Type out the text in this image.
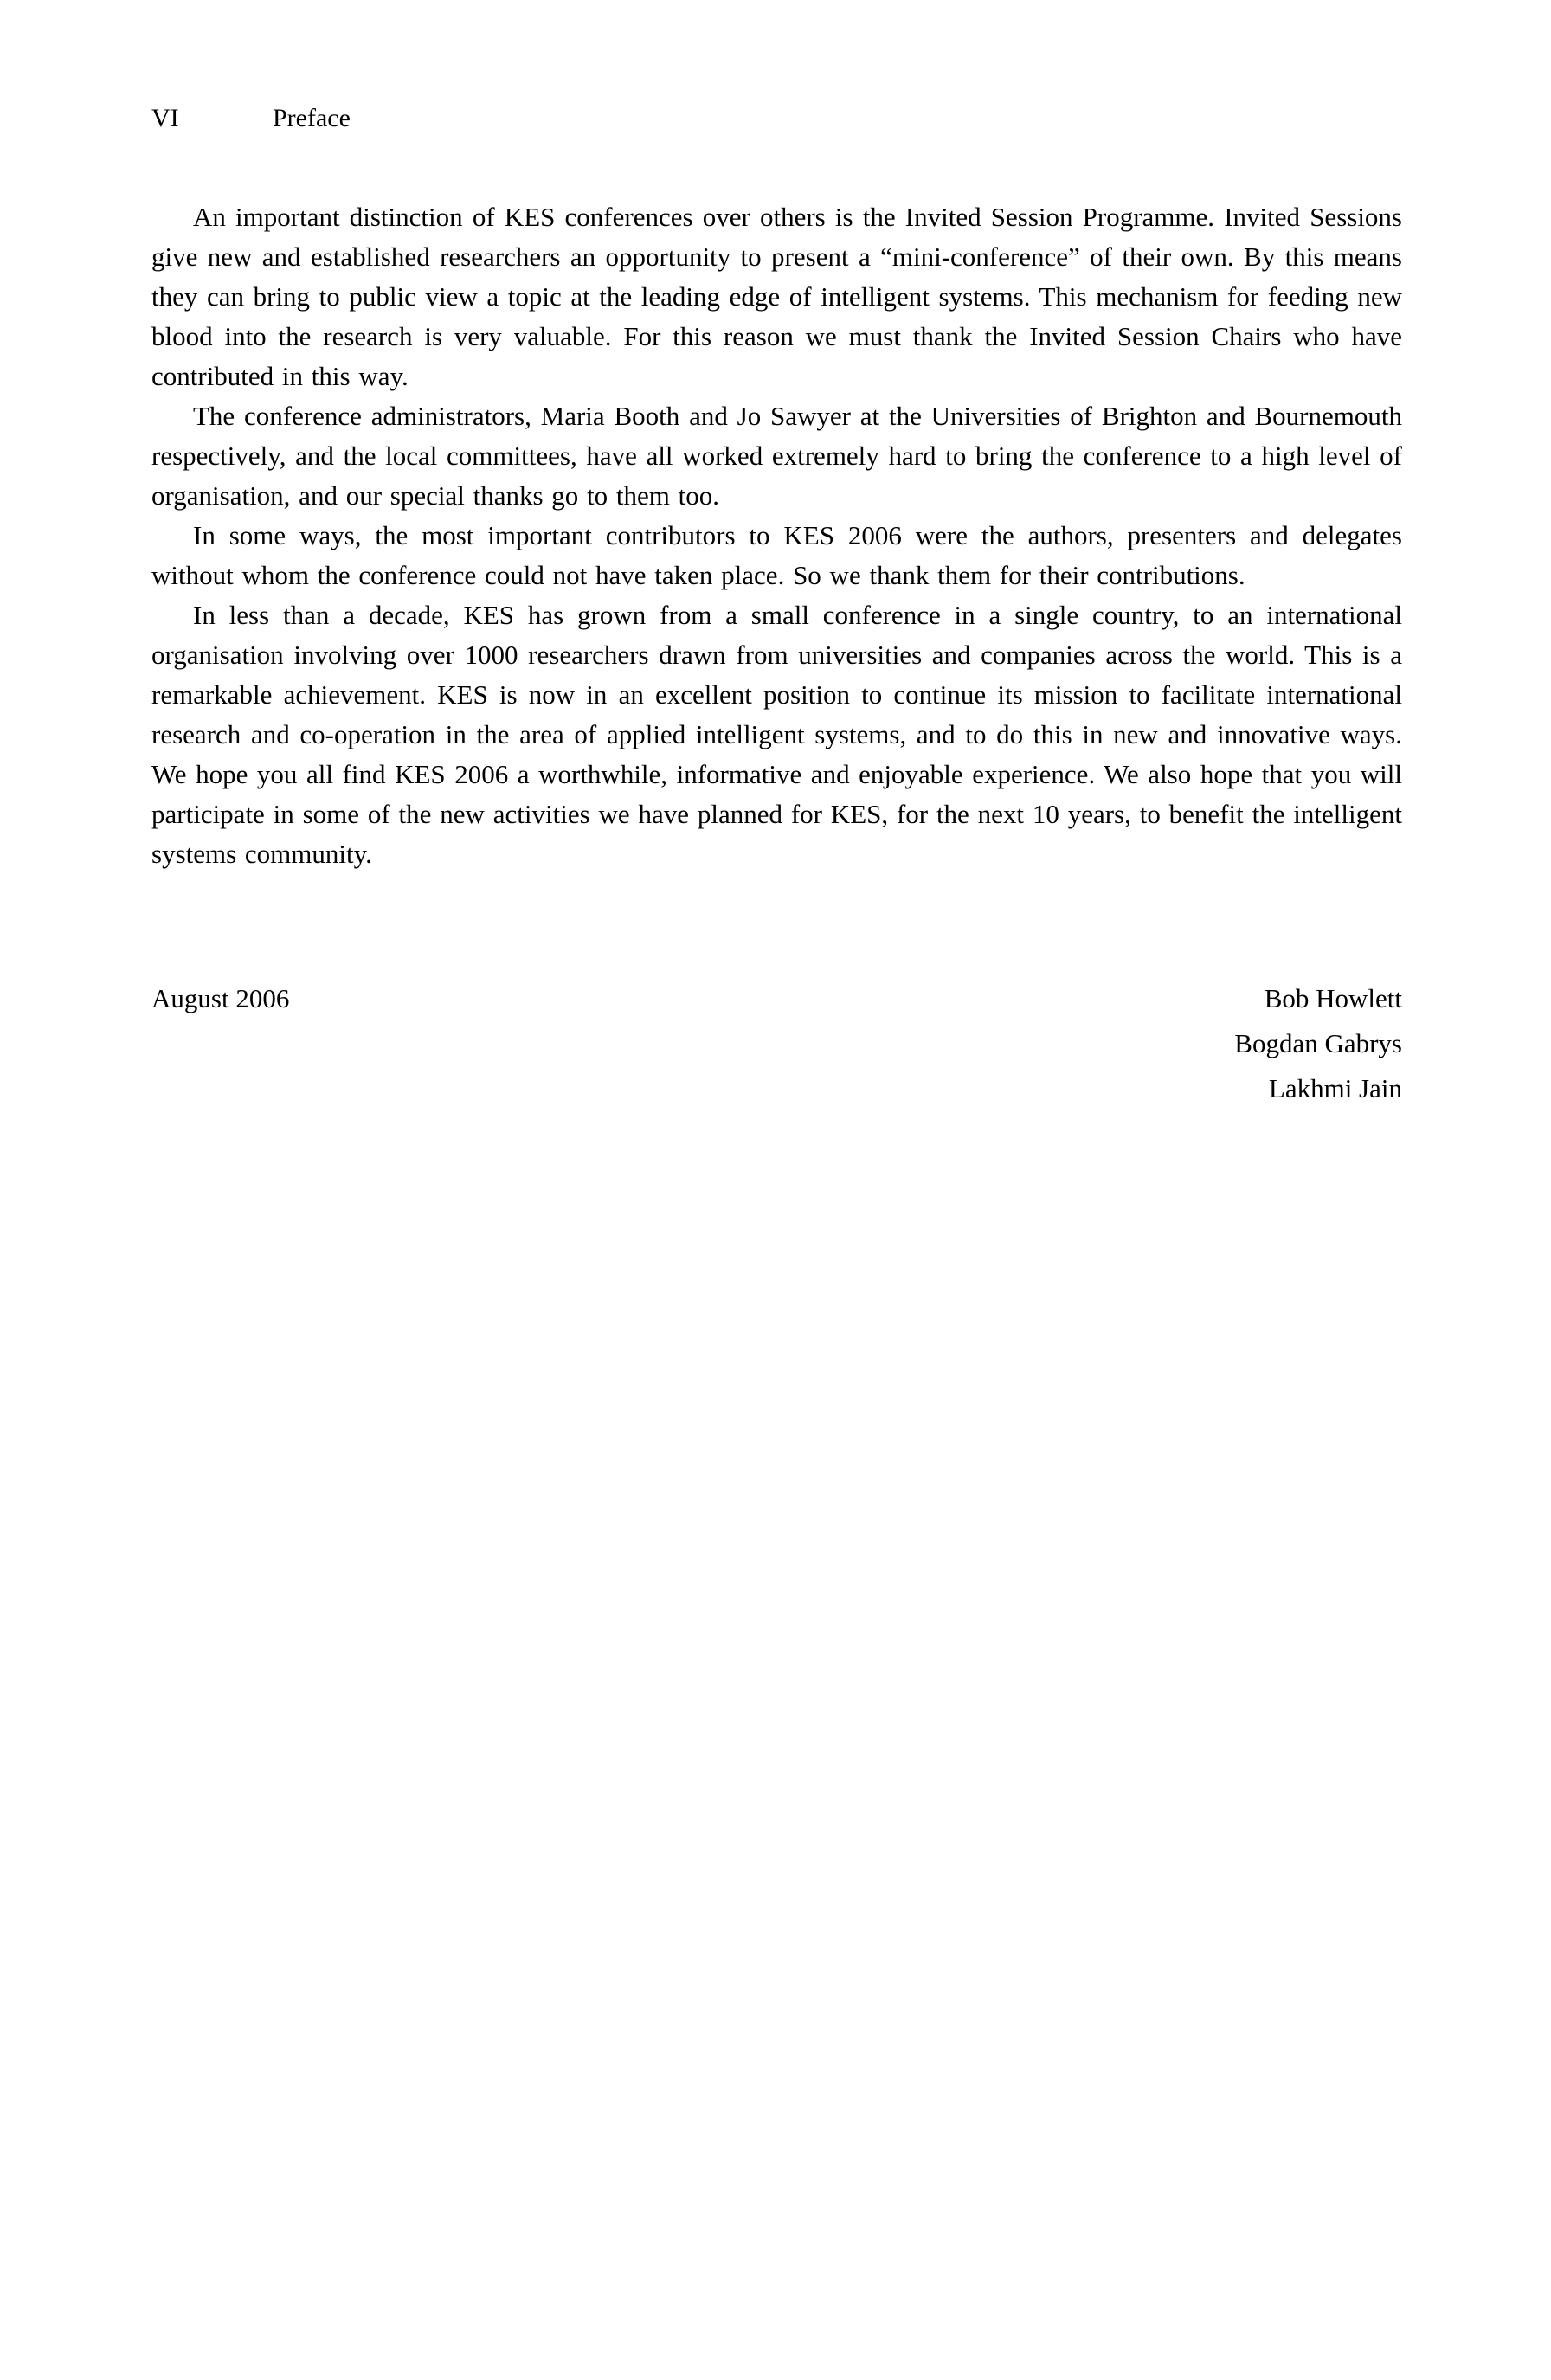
VI	Preface

An important distinction of KES conferences over others is the Invited Session Programme. Invited Sessions give new and established researchers an opportunity to present a “mini-conference” of their own. By this means they can bring to public view a topic at the leading edge of intelligent systems. This mechanism for feeding new blood into the research is very valuable. For this reason we must thank the Invited Session Chairs who have contributed in this way.

The conference administrators, Maria Booth and Jo Sawyer at the Universities of Brighton and Bournemouth respectively, and the local committees, have all worked extremely hard to bring the conference to a high level of organisation, and our special thanks go to them too.

In some ways, the most important contributors to KES 2006 were the authors, presenters and delegates without whom the conference could not have taken place. So we thank them for their contributions.

In less than a decade, KES has grown from a small conference in a single country, to an international organisation involving over 1000 researchers drawn from universities and companies across the world. This is a remarkable achievement. KES is now in an excellent position to continue its mission to facilitate international research and co-operation in the area of applied intelligent systems, and to do this in new and innovative ways. We hope you all find KES 2006 a worthwhile, informative and enjoyable experience. We also hope that you will participate in some of the new activities we have planned for KES, for the next 10 years, to benefit the intelligent systems community.

August 2006	Bob Howlett
Bogdan Gabrys
Lakhmi Jain
